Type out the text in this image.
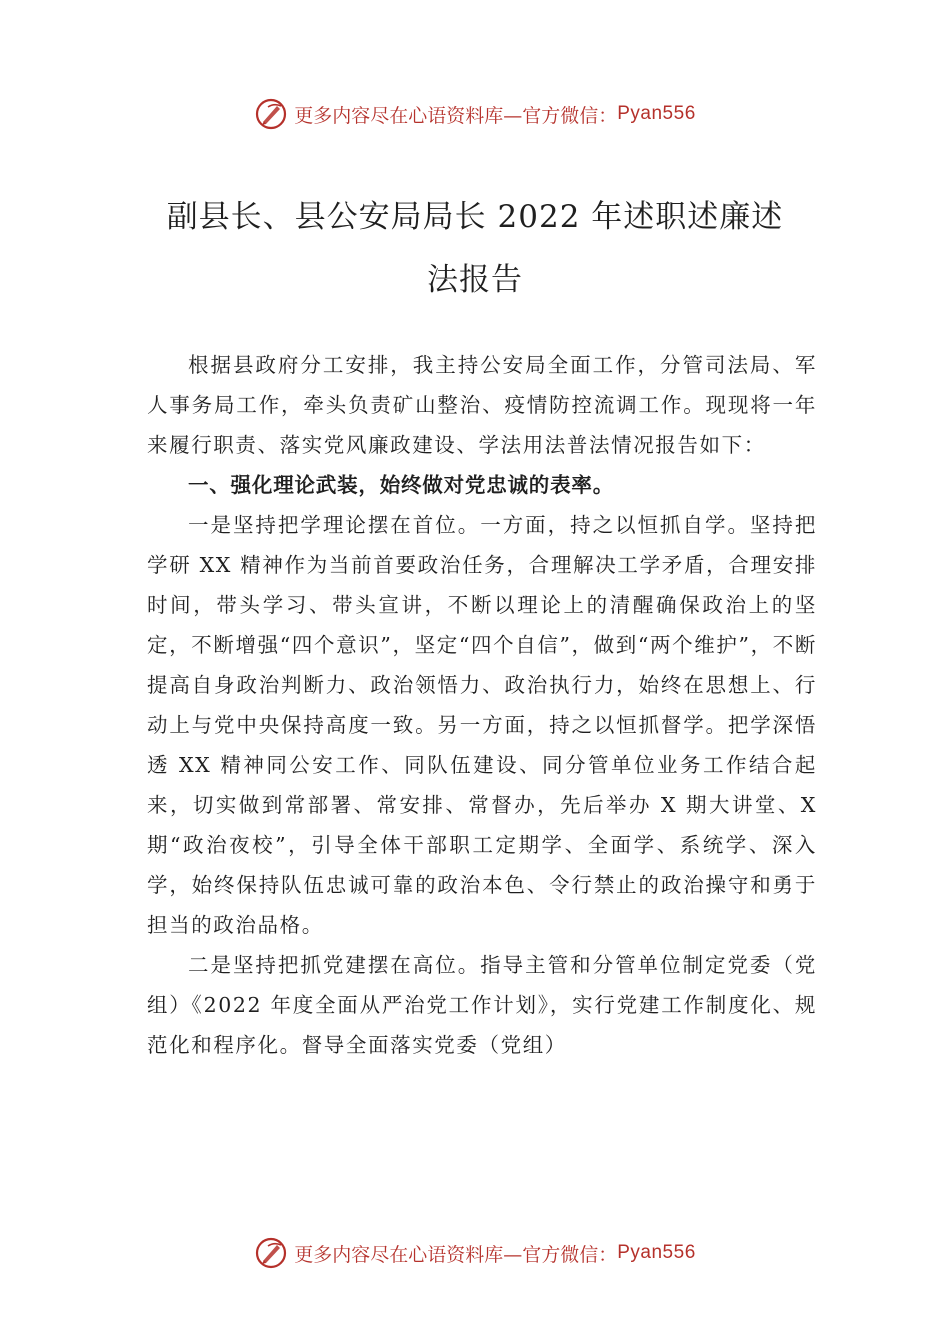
更多内容尽在心语资料库—官方微信： Pyan556

副县长、县公安局局长 2022 年述职述廉述

法报告

根据县政府分工安排，我主持公安局全面工作，分管司法局、军人事务局工作，牵头负责矿山整治、疫情防控流调工作。现现将一年来履行职责、落实党风廉政建设、学法用法普法情况报告如下：

一、强化理论武装，始终做对党忠诚的表率。

一是坚持把学理论摆在首位。一方面，持之以恒抓自学。坚持把学研 XX 精神作为当前首要政治任务，合理解决工学矛盾，合理安排时间，带头学习、带头宣讲，不断以理论上的清醒确保政治上的坚定，不断增强“四个意识”，坚定“四个自信”，做到“两个维护”，不断提高自身政治判断力、政治领悟力、政治执行力，始终在思想上、行动上与党中央保持高度一致。另一方面，持之以恒抓督学。把学深悟透 XX 精神同公安工作、同队伍建设、同分管单位业务工作结合起来，切实做到常部署、常安排、常督办，先后举办 X 期大讲堂、X 期“政治夜校”，引导全体干部职工定期学、全面学、系统学、深入学，始终保持队伍忠诚可靠的政治本色、令行禁止的政治操守和勇于担当的政治品格。

二是坚持把抓党建摆在高位。指导主管和分管单位制定党委（党组）《2022 年度全面从严治党工作计划》，实行党建工作制度化、规范化和程序化。督导全面落实党委（党组）

更多内容尽在心语资料库—官方微信： Pyan556
